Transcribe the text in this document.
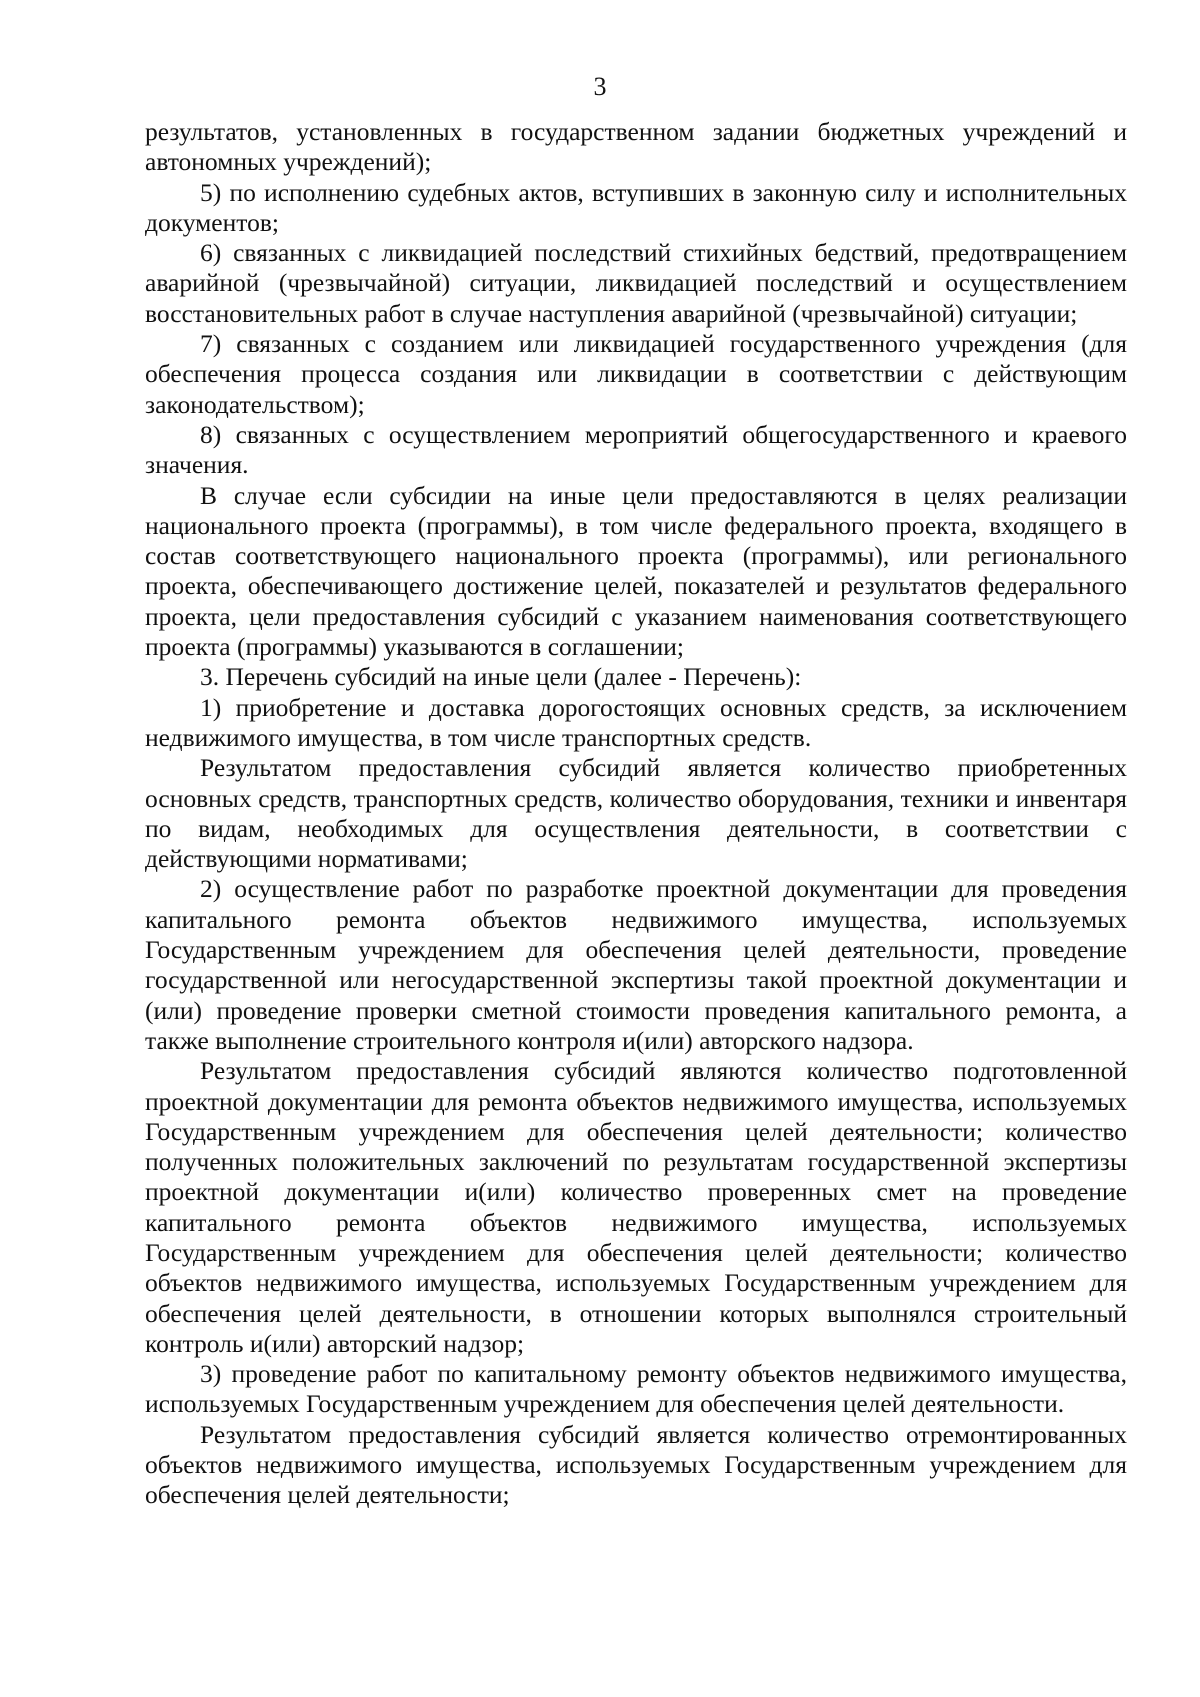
3

результатов, установленных в государственном задании бюджетных учреждений и автономных учреждений);

5) по исполнению судебных актов, вступивших в законную силу и исполнительных документов;

6) связанных с ликвидацией последствий стихийных бедствий, предотвращением аварийной (чрезвычайной) ситуации, ликвидацией последствий и осуществлением восстановительных работ в случае наступления аварийной (чрезвычайной) ситуации;

7) связанных с созданием или ликвидацией государственного учреждения (для обеспечения процесса создания или ликвидации в соответствии с действующим законодательством);

8) связанных с осуществлением мероприятий общегосударственного и краевого значения.

В случае если субсидии на иные цели предоставляются в целях реализации национального проекта (программы), в том числе федерального проекта, входящего в состав соответствующего национального проекта (программы), или регионального проекта, обеспечивающего достижение целей, показателей и результатов федерального проекта, цели предоставления субсидий с указанием наименования соответствующего проекта (программы) указываются в соглашении;

3. Перечень субсидий на иные цели (далее - Перечень):

1) приобретение и доставка дорогостоящих основных средств, за исключением недвижимого имущества, в том числе транспортных средств.

Результатом предоставления субсидий является количество приобретенных основных средств, транспортных средств, количество оборудования, техники и инвентаря по видам, необходимых для осуществления деятельности, в соответствии с действующими нормативами;

2) осуществление работ по разработке проектной документации для проведения капитального ремонта объектов недвижимого имущества, используемых Государственным учреждением для обеспечения целей деятельности, проведение государственной или негосударственной экспертизы такой проектной документации и (или) проведение проверки сметной стоимости проведения капитального ремонта, а также выполнение строительного контроля и(или) авторского надзора.

Результатом предоставления субсидий являются количество подготовленной проектной документации для ремонта объектов недвижимого имущества, используемых Государственным учреждением для обеспечения целей деятельности; количество полученных положительных заключений по результатам государственной экспертизы проектной документации и(или) количество проверенных смет на проведение капитального ремонта объектов недвижимого имущества, используемых Государственным учреждением для обеспечения целей деятельности; количество объектов недвижимого имущества, используемых Государственным учреждением для обеспечения целей деятельности, в отношении которых выполнялся строительный контроль и(или) авторский надзор;

3) проведение работ по капитальному ремонту объектов недвижимого имущества, используемых Государственным учреждением для обеспечения целей деятельности.

Результатом предоставления субсидий является количество отремонтированных объектов недвижимого имущества, используемых Государственным учреждением для обеспечения целей деятельности;
